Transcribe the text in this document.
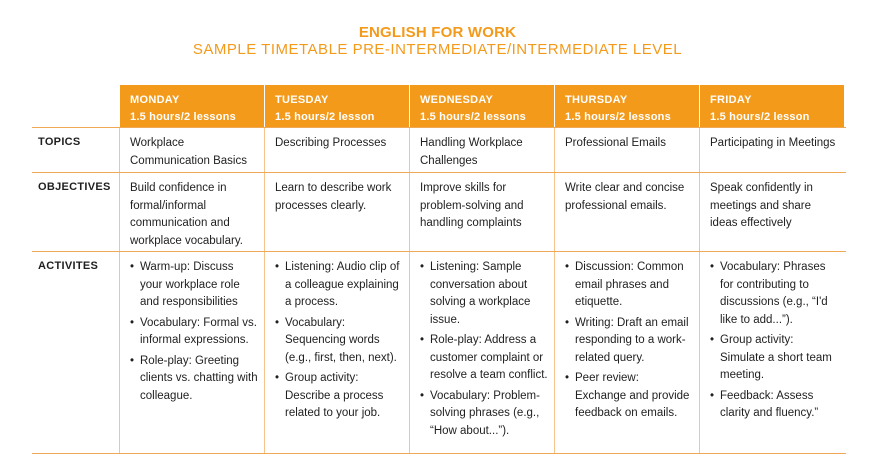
ENGLISH FOR WORK
SAMPLE TIMETABLE PRE-INTERMEDIATE/INTERMEDIATE LEVEL
MONDAY
1.5 hours/2 lessons
TUESDAY
1.5 hours/2 lesson
WEDNESDAY
1.5 hours/2 lessons
THURSDAY
1.5 hours/2 lessons
FRIDAY
1.5 hours/2 lesson
TOPICS	Workplace Communication Basics
Describing Processes	Handling Workplace Challenges
Professional Emails	Participating in Meetings
OBJECTIVES	Build confidence in formal/informal communication and workplace vocabulary.
Learn to describe work processes clearly.
Improve skills for problem-solving and handling complaints
Write clear and concise professional emails.
Speak confidently in meetings and share ideas effectively
ACTIVITES
•	Warm-up: Discuss your workplace role and responsibilities
• Vocabulary: Formal vs. informal expressions.
• Role-play: Greeting clients vs. chatting with colleague.
• Listening: Audio clip of a colleague explaining a process.
• Vocabulary: Sequencing words (e.g., first, then, next).
• Group activity: Describe a process related to your job.
• Listening: Sample conversation about solving a workplace issue.
• Role-play: Address a customer complaint or resolve a team conflict.
• Vocabulary: Problem-solving phrases (e.g., “How about...”).
• Discussion: Common email phrases and etiquette.
• Writing: Draft an email responding to a work-related query.
• Peer review: Exchange and provide feedback on emails.
• Vocabulary: Phrases for contributing to discussions (e.g., “I'd like to add...”).
• Group activity: Simulate a short team meeting.
• Feedback: Assess clarity and fluency.”
